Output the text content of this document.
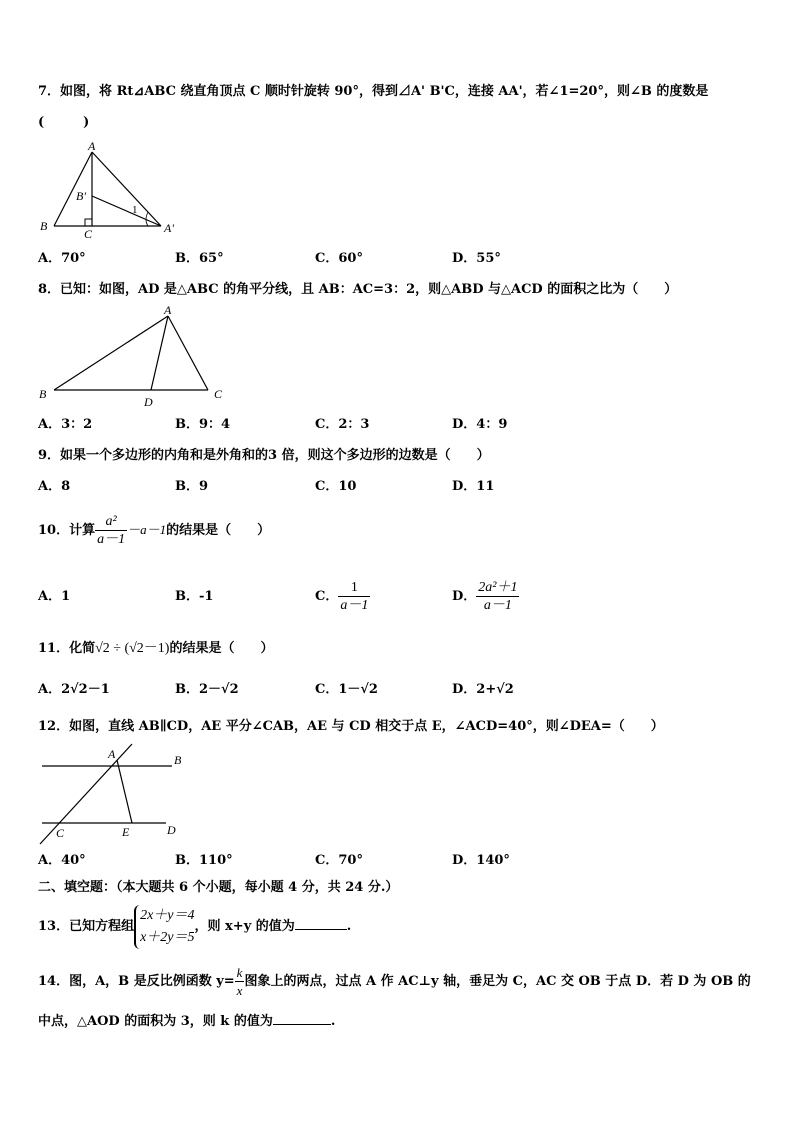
7．如图，将 Rt⊿ABC 绕直角顶点 C 顺时针旋转 90°，得到⊿A' B'C，连接 AA'，若∠1=20°，则∠B 的度数是
(　　　)
A
B
C
B'
A'
1
A．70°	B．65°	C．60°	D．55°
8．已知：如图，AD 是△ABC 的角平分线，且 AB：AC=3：2，则△ABD 与△ACD 的面积之比为（　　）
A
B	C
D
A．3：2	B．9：4	C．2：3	D．4：9
9．如果一个多边形的内角和是外角和的3 倍，则这个多边形的边数是（　　）
A．8	B．9	C．10	D．11
10．计算 $\frac{\text{a²}}{a-1} -a-1$的结果是（　　）
A．1	B．-1	C． $\frac{1}{a-1}$	D． $\frac{\text{2a²＋1}}{a-1}$
11．化简√2 ÷ (√2－1)的结果是（　　）
A．2√2－1	B．2－√2	C．1－√2	D．2+√2
12．如图，直线 AB∥CD，AE 平分∠CAB，AE 与 CD 相交于点 E，∠ACD=40°，则∠DEA=（　　）
A	B
C	D
E
A．40°	B．110°	C．70°	D．140°
二、填空题：（本大题共 6 个小题，每小题 4 分，共 24 分.）
13．已知方程组
2x＋y＝4
x＋2y＝5
，则 x+y 的值为	.
14．图，A，B 是反比例函数 $y= \frac{k}{x}$ 图象上的两点，过点 A 作 AC⊥y 轴，垂足为 C，AC 交 OB 于点 D．若 D 为 OB 的
中点，△AOD 的面积为 3，则 k 的值为	.
